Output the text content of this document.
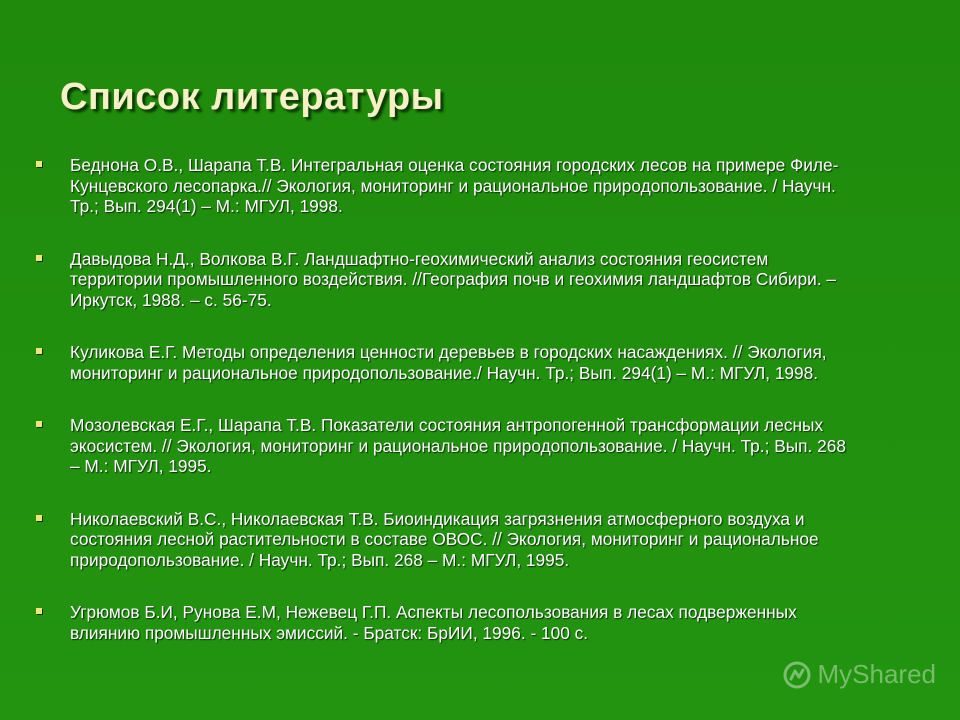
Список литературы
Беднона О.В., Шарапа Т.В. Интегральная оценка состояния городских лесов на примере Филе-Кунцевского лесопарка.// Экология, мониторинг и рациональное природопользование. / Научн. Тр.; Вып. 294(1) – М.: МГУЛ, 1998.
Давыдова Н.Д., Волкова В.Г. Ландшафтно-геохимический анализ состояния геосистем территории промышленного воздействия. //География почв и геохимия ландшафтов Сибири. – Иркутск, 1988. – с. 56-75.
Куликова Е.Г. Методы определения ценности деревьев в городских насаждениях. // Экология, мониторинг и рациональное природопользование./ Научн. Тр.; Вып. 294(1) – М.: МГУЛ, 1998.
Мозолевская Е.Г., Шарапа Т.В. Показатели состояния антропогенной трансформации лесных экосистем. // Экология, мониторинг и рациональное природопользование. / Научн. Тр.; Вып. 268 – М.: МГУЛ, 1995.
Николаевский В.С., Николаевская Т.В. Биоиндикация загрязнения атмосферного воздуха и состояния лесной растительности в составе ОВОС. // Экология, мониторинг и рациональное природопользование. / Научн. Тр.; Вып. 268 – М.: МГУЛ, 1995.
Угрюмов Б.И, Рунова Е.М, Нежевец Г.П. Аспекты лесопользования в лесах подверженных влиянию промышленных эмиссий. - Братск: БрИИ, 1996. - 100 с.
MyShared
